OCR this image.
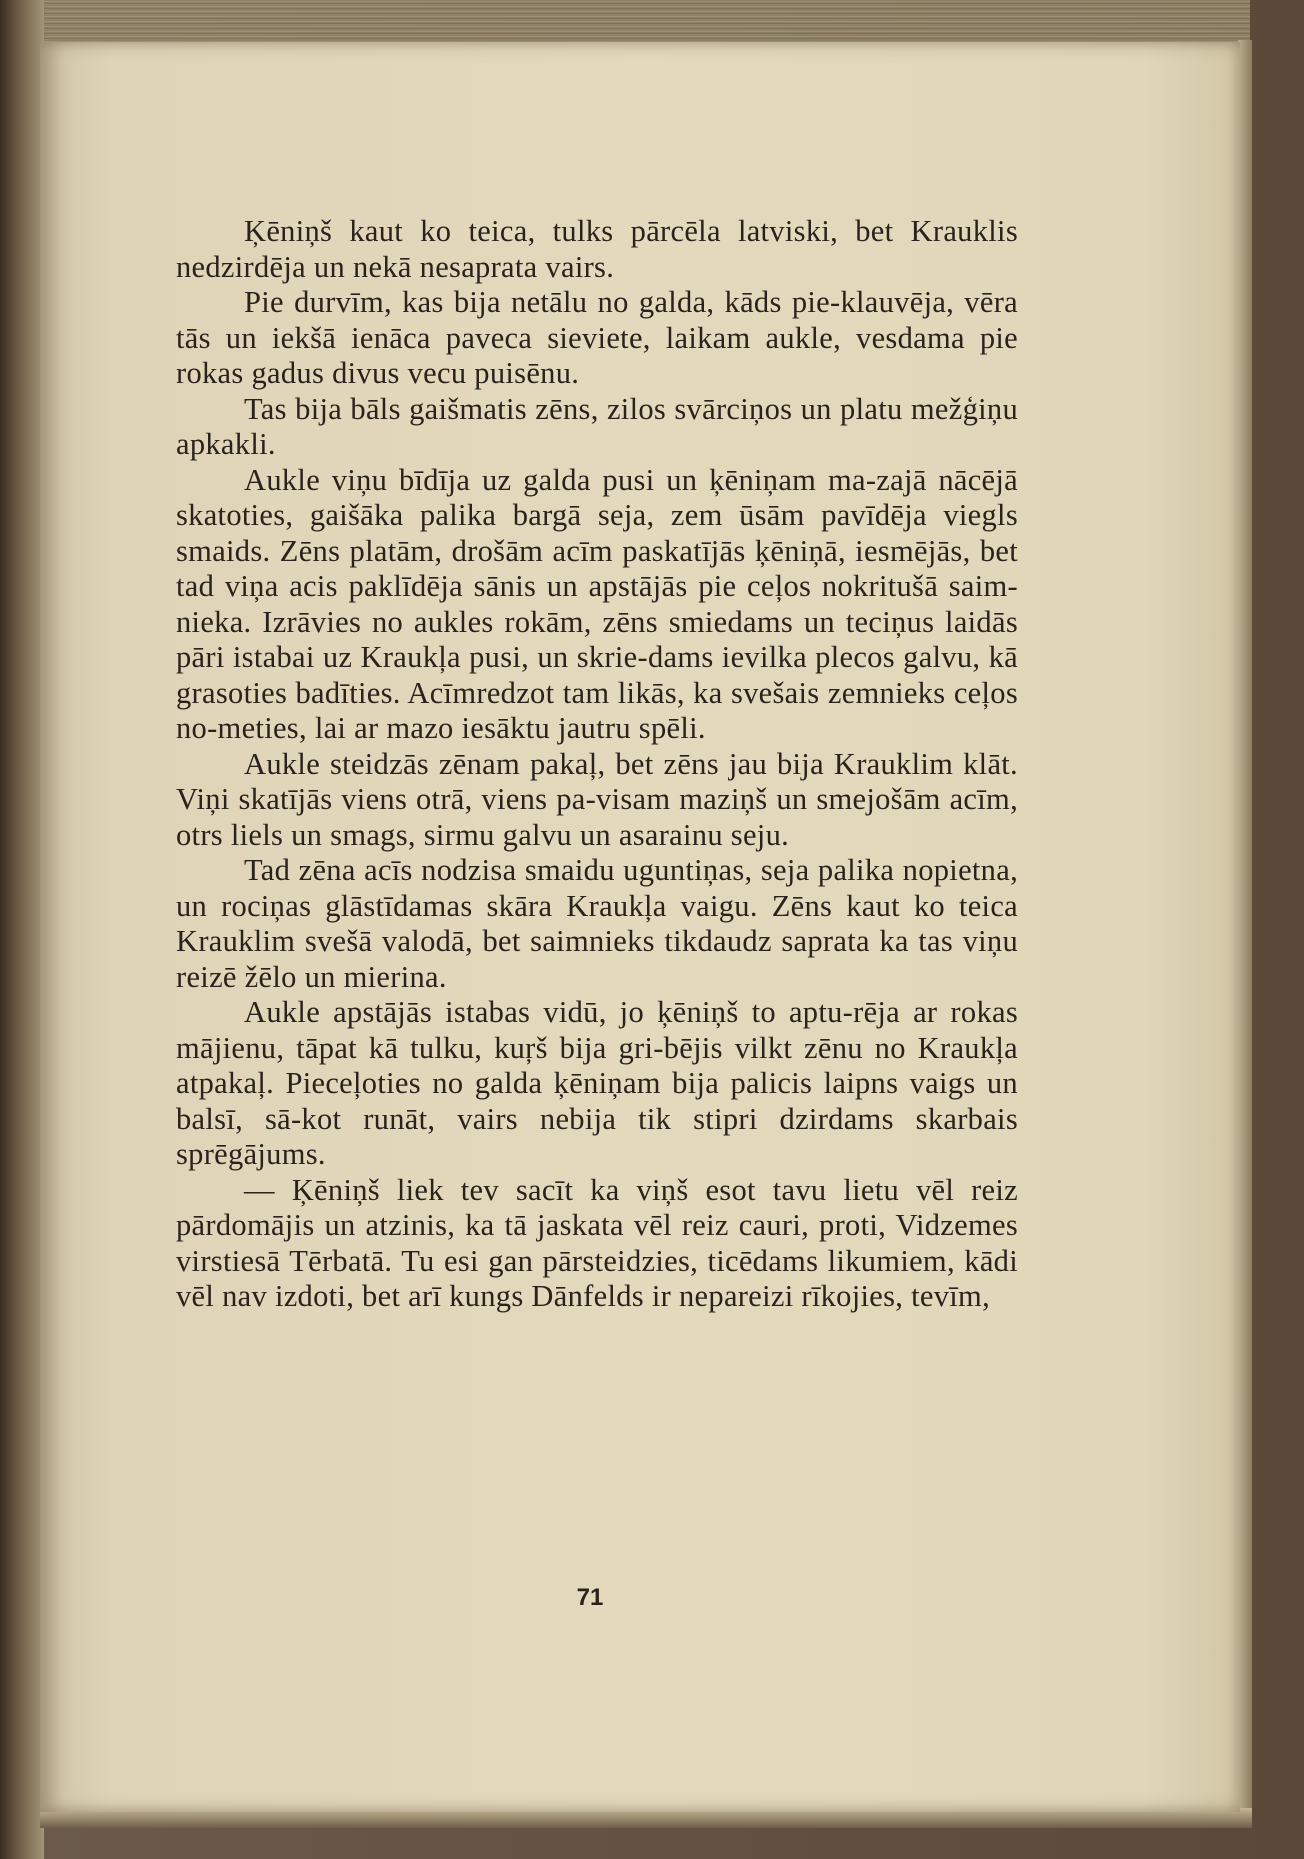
Ķēniņš kaut ko teica, tulks pārcēla latviski, bet Krauklis nedzirdēja un nekā nesaprata vairs.

Pie durvīm, kas bija netālu no galda, kāds pie-klauvēja, vēra tās un iekšā ienāca paveca sieviete, laikam aukle, vesdama pie rokas gadus divus vecu puisēnu.

Tas bija bāls gaišmatis zēns, zilos svārciņos un platu mežģiņu apkakli.

Aukle viņu bīdīja uz galda pusi un ķēniņam ma-zajā nācējā skatoties, gaišāka palika bargā seja, zem ūsām pavīdēja viegls smaids. Zēns platām, drošām acīm paskatījās ķēniņā, iesmējās, bet tad viņa acis paklīdēja sānis un apstājās pie ceļos nokritušā saim-nieka. Izrāvies no aukles rokām, zēns smiedams un teciņus laidās pāri istabai uz Kraukļa pusi, un skrie-dams ievilka plecos galvu, kā grasoties badīties. Acīmredzot tam likās, ka svešais zemnieks ceļos no-meties, lai ar mazo iesāktu jautru spēli.

Aukle steidzās zēnam pakaļ, bet zēns jau bija Krauklim klāt. Viņi skatījās viens otrā, viens pa-visam maziņš un smejošām acīm, otrs liels un smags, sirmu galvu un asarainu seju.

Tad zēna acīs nodzisa smaidu uguntiņas, seja palika nopietna, un rociņas glāstīdamas skāra Kraukļa vaigu. Zēns kaut ko teica Krauklim svešā valodā, bet saimnieks tikdaudz saprata ka tas viņu reizē žēlo un mierina.

Aukle apstājās istabas vidū, jo ķēniņš to aptu-rēja ar rokas mājienu, tāpat kā tulku, kuŗš bija gri-bējis vilkt zēnu no Kraukļa atpakaļ. Pieceļoties no galda ķēniņam bija palicis laipns vaigs un balsī, sā-kot runāt, vairs nebija tik stipri dzirdams skarbais sprēgājums.

— Ķēniņš liek tev sacīt ka viņš esot tavu lietu vēl reiz pārdomājis un atzinis, ka tā jaskata vēl reiz cauri, proti, Vidzemes virstiesā Tērbatā. Tu esi gan pārsteidzies, ticēdams likumiem, kādi vēl nav izdoti, bet arī kungs Dānfelds ir nepareizi rīkojies, tevīm,

71
